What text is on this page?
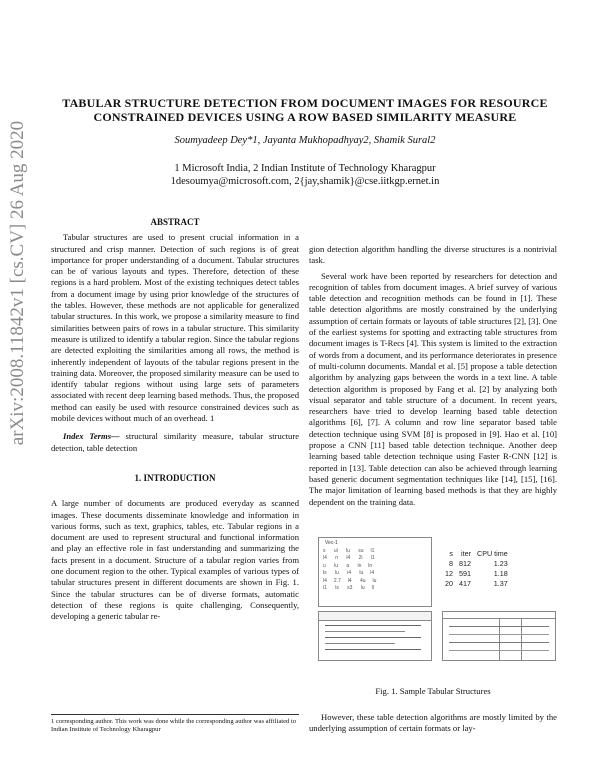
arXiv:2008.11842v1 [cs.CV] 26 Aug 2020
TABULAR STRUCTURE DETECTION FROM DOCUMENT IMAGES FOR RESOURCE
CONSTRAINED DEVICES USING A ROW BASED SIMILARITY MEASURE
Soumyadeep Dey*1, Jayanta Mukhopadhyay2, Shamik Sural2
1 Microsoft India, 2 Indian Institute of Technology Kharagpur
1desoumya@microsoft.com, 2{jay,shamik}@cse.iitkgp.ernet.in
ABSTRACT

Tabular structures are used to present crucial information in a structured and crisp manner. Detection of such regions is of great importance for proper understanding of a document. Tabular structures can be of various layouts and types. Therefore, detection of these regions is a hard problem. Most of the existing techniques detect tables from a document image by using prior knowledge of the structures of the tables. However, these methods are not applicable for generalized tabular structures. In this work, we propose a similarity measure to find similarities between pairs of rows in a tabular structure. This similarity measure is utilized to identify a tabular region. Since the tabular regions are detected exploiting the similarities among all rows, the method is inherently independent of layouts of the tabular regions present in the training data. Moreover, the proposed similarity measure can be used to identify tabular regions without using large sets of parameters associated with recent deep learning based methods. Thus, the proposed method can easily be used with resource constrained devices such as mobile devices without much of an overhead. 1

Index Terms— structural similarity measure, tabular structure detection, table detection

1. INTRODUCTION

A large number of documents are produced everyday as scanned images. These documents disseminate knowledge and information in various forms, such as text, graphics, tables, etc. Tabular regions in a document are used to represent structural and functional information and play an effective role in fast understanding and summarizing the facts present in a document. Structure of a tabular region varies from one document region to the other. Typical examples of various types of tabular structures present in different documents are shown in Fig. 1. Since the tabular structures can be of diverse formats, automatic detection of these regions is quite challenging. Consequently, developing a generic tabular re-

1 corresponding author. This work was done while the corresponding author was affiliated to Indian Institute of Technology Kharagpur

gion detection algorithm handling the diverse structures is a nontrivial task.

Several work have been reported by researchers for detection and recognition of tables from document images. A brief survey of various table detection and recognition methods can be found in [1]. These table detection algorithms are mostly constrained by the underlying assumption of certain formats or layouts of table structures [2], [3]. One of the earliest systems for spotting and extracting table structures from document images is T-Recs [4]. This system is limited to the extraction of words from a document, and its performance deteriorates in presence of multi-column documents. Mandal et al. [5] propose a table detection algorithm by analyzing gaps between the words in a text line. A table detection algorithm is proposed by Fang et al. [2] by analyzing both visual separator and table structure of a document. In recent years, researchers have tried to develop learning based table detection algorithms [6], [7]. A column and row line separator based table detection technique using SVM [8] is proposed in [9]. Hao et al. [10] propose a CNN [11] based table detection technique. Another deep learning based table detection technique using Faster R-CNN [12] is reported in [13]. Table detection can also be achieved through learning based generic document segmentation techniques like [14], [15], [16]. The major limitation of learning based methods is that they are highly dependent on the training data.

Vec-1
s      ul      lu      su     l1
l4      n      l4      2i      l1
u      lu      a      ln     ln
ls      lu      i4      lu     l4
l4     2.7     l4      4u     lu
l1      ls      s3      lu     ll
s	iter	CPU time
8	812	1.23
12	591	1.18
20	417	1.37
Fig. 1. Sample Tabular Structures

However, these table detection algorithms are mostly limited by the underlying assumption of certain formats or lay-
